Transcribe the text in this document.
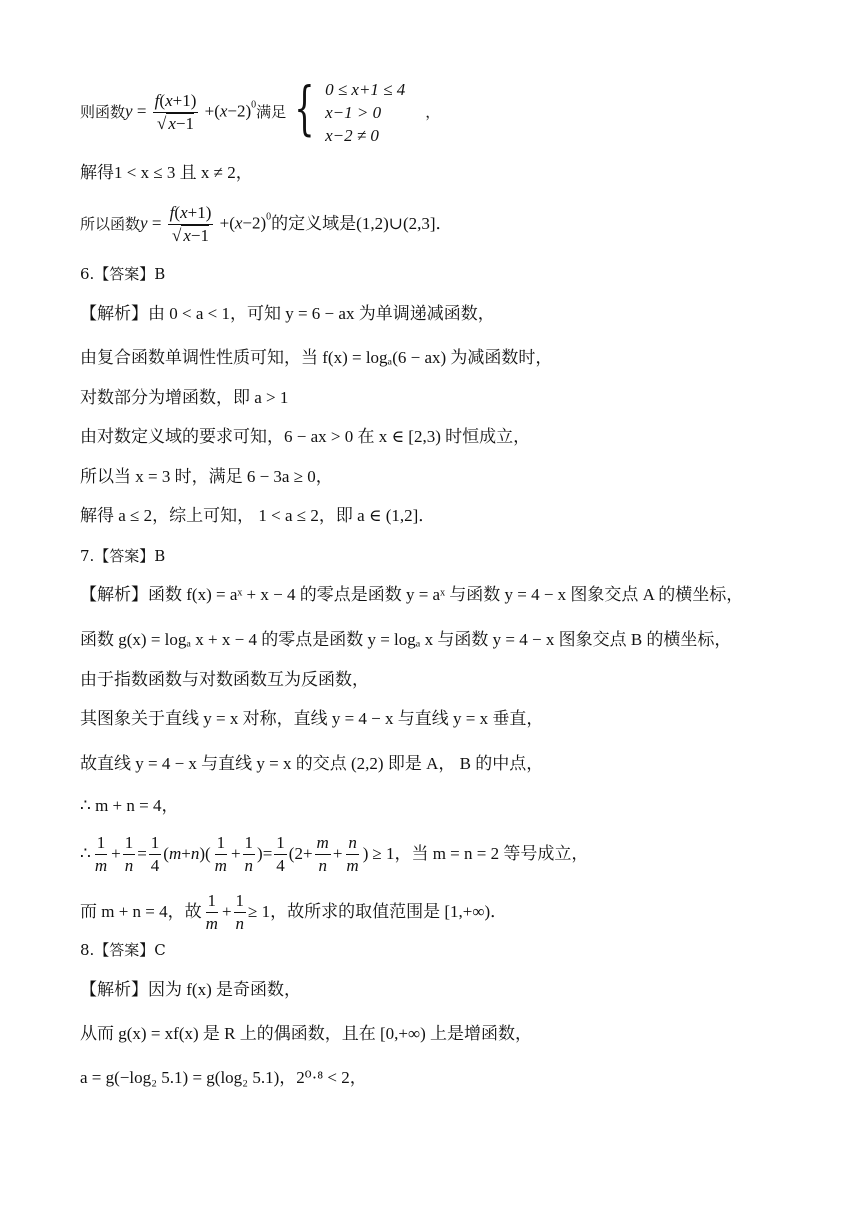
则函数 $y = \frac{f(x+1)}{√ x-1} +(x-2)^0$ 满足 { 0 ≤ x+1 ≤ 4
x−1 > 0
x−2 ≠ 0
，
解得1 < x ≤ 3 且 x ≠ 2，
所以函数 $y = \frac{f(x+1)}{√ x-1} +(x-2)^0$ 的定义域是(1,2)∪(2,3]．
6.【答案】B
【解析】由 0 < a < 1，可知 y = 6 − ax 为单调递减函数，
由复合函数单调性性质可知，当 f(x) = logₐ(6 − ax) 为减函数时，
对数部分为增函数，即 a > 1
由对数定义域的要求可知，6 − ax > 0 在 x ∈ [2,3) 时恒成立，
所以当 x = 3 时，满足 6 − 3a ≥ 0，
解得 a ≤ 2，综上可知， 1 < a ≤ 2，即 a ∈ (1,2]．
7.【答案】B
【解析】函数 f(x) = aˣ + x − 4 的零点是函数 y = aˣ 与函数 y = 4 − x 图象交点 A 的横坐标，
函数 g(x) = logₐ x + x − 4 的零点是函数 y = logₐ x 与函数 y = 4 − x 图象交点 B 的横坐标，
由于指数函数与对数函数互为反函数，
其图象关于直线 y = x 对称，直线 y = 4 − x 与直线 y = x 垂直，
故直线 y = 4 − x 与直线 y = x 的交点 (2,2) 即是 A， B 的中点，
∴ m + n = 4，
∴ $\frac{1}{m} + \frac{1}{n} = \frac{1}{4}$ ( m + n )( $\frac{1}{m} + \frac{1}{n}$ )= $\frac{1}{4} (2+ \frac{m}{n} + \frac{n}{m}$ ) ≥ 1，当 m = n = 2 等号成立，
而 m + n = 4，故 $\frac{1}{m} + \frac{1}{n} \ge 1$，故所求的取值范围是 [1,+∞)．
8.【答案】C
【解析】因为 f(x) 是奇函数，
从而 g(x) = xf(x) 是 R 上的偶函数，且在 [0,+∞) 上是增函数，
a = g(−log₂ 5.1) = g(log₂ 5.1)，2⁰·⁸ < 2，
